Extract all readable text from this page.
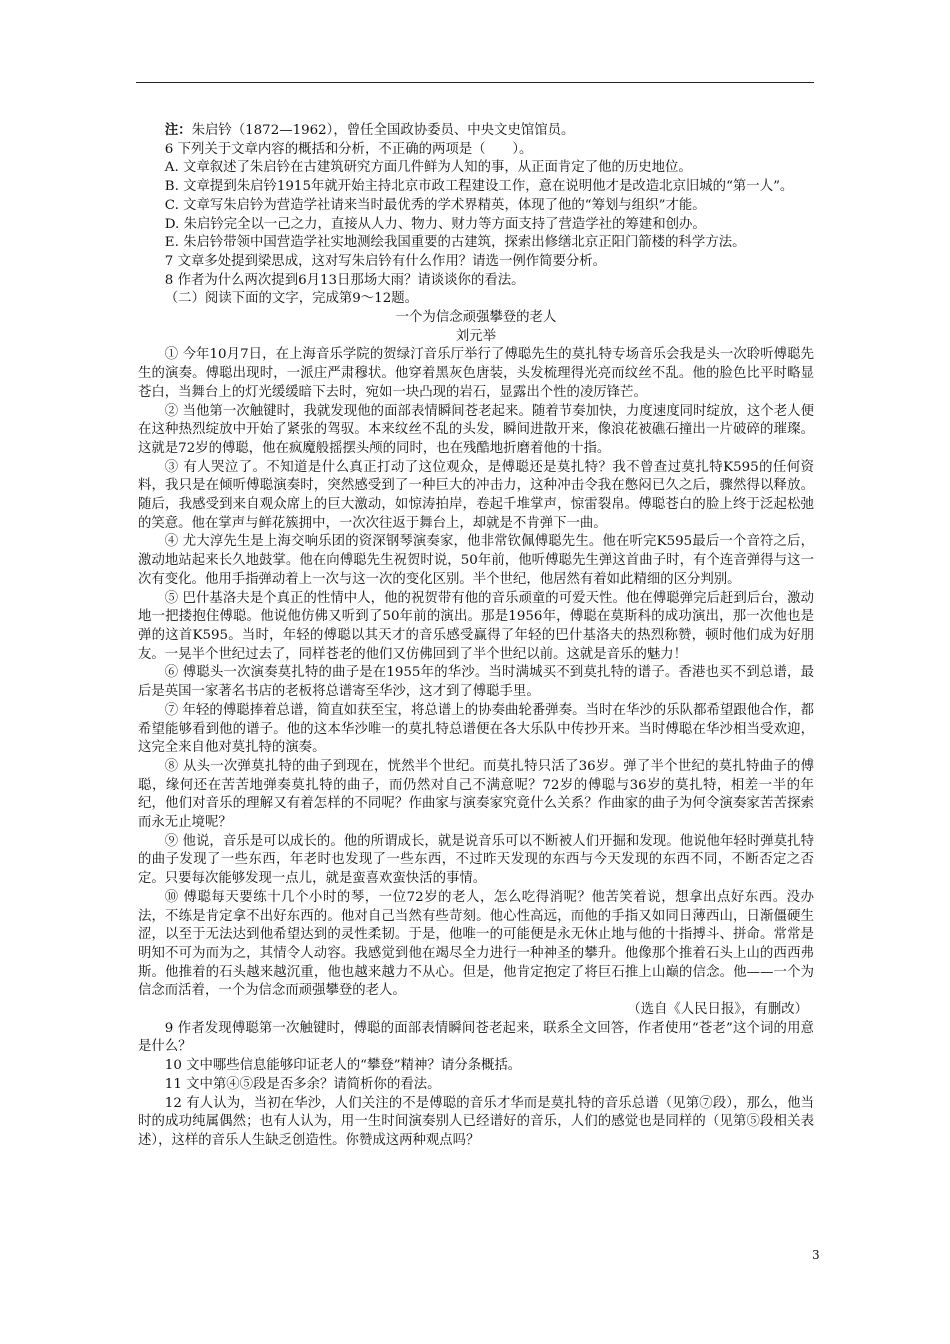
注：朱启钤（1872—1962），曾任全国政协委员、中央文史馆馆员。

6 下列关于文章内容的概括和分析，不正确的两项是（　　）。

A. 文章叙述了朱启钤在古建筑研究方面几件鲜为人知的事，从正面肯定了他的历史地位。

B. 文章提到朱启钤1915年就开始主持北京市政工程建设工作，意在说明他才是改造北京旧城的“第一人”。

C. 文章写朱启钤为营造学社请来当时最优秀的学术界精英，体现了他的“筹划与组织”才能。

D. 朱启钤完全以一己之力，直接从人力、物力、财力等方面支持了营造学社的筹建和创办。

E. 朱启钤带领中国营造学社实地测绘我国重要的古建筑，探索出修缮北京正阳门箭楼的科学方法。

7 文章多处提到梁思成，这对写朱启钤有什么作用？请选一例作简要分析。

8 作者为什么两次提到6月13日那场大雨？请谈谈你的看法。

（二）阅读下面的文字，完成第9～12题。

一个为信念顽强攀登的老人

刘元举

① 今年10月7日，在上海音乐学院的贺绿汀音乐厅举行了傅聪先生的莫扎特专场音乐会我是头一次聆听傅聪先生的演奏。傅聪出现时，一派庄严肃穆状。他穿着黑灰色唐装，头发梳理得光亮而纹丝不乱。他的脸色比平时略显苍白，当舞台上的灯光缓缓暗下去时，宛如一块凸现的岩石，显露出个性的凌厉锋芒。

② 当他第一次触键时，我就发现他的面部表情瞬间苍老起来。随着节奏加快，力度速度同时绽放，这个老人便在这种热烈绽放中开始了紧张的驾驭。本来纹丝不乱的头发，瞬间进散开来，像浪花被礁石撞出一片破碎的璀璨。这就是72岁的傅聪，他在疯魔般摇摆头颅的同时，也在残酷地折磨着他的十指。

③ 有人哭泣了。不知道是什么真正打动了这位观众，是傅聪还是莫扎特？我不曾查过莫扎特K595的任何资料，我只是在倾听傅聪演奏时，突然感受到了一种巨大的冲击力，这种冲击令我在憋闷已久之后，骤然得以释放。随后，我感受到来自观众席上的巨大激动，如惊涛拍岸，卷起千堆掌声，惊雷裂帛。傅聪苍白的脸上终于泛起松弛的笑意。他在掌声与鲜花簇拥中，一次次往返于舞台上，却就是不肯弹下一曲。

④ 尤大淳先生是上海交响乐团的资深钢琴演奏家，他非常钦佩傅聪先生。他在听完K595最后一个音符之后，激动地站起来长久地鼓掌。他在向傅聪先生祝贺时说，50年前，他听傅聪先生弹这首曲子时，有个连音弹得与这一次有变化。他用手指弹动着上一次与这一次的变化区别。半个世纪，他居然有着如此精细的区分判别。

⑤ 巴什基洛夫是个真正的性情中人，他的祝贺带有他的音乐顽童的可爱天性。他在傅聪弹完后赶到后台，激动地一把搂抱住傅聪。他说他仿佛又听到了50年前的演出。那是1956年，傅聪在莫斯科的成功演出，那一次他也是弹的这首K595。当时，年轻的傅聪以其天才的音乐感受赢得了年轻的巴什基洛夫的热烈称赞，顿时他们成为好朋友。一晃半个世纪过去了，同样苍老的他们又仿佛回到了半个世纪以前。这就是音乐的魅力！

⑥ 傅聪头一次演奏莫扎特的曲子是在1955年的华沙。当时满城买不到莫扎特的谱子。香港也买不到总谱，最后是英国一家著名书店的老板将总谱寄至华沙，这才到了傅聪手里。

⑦ 年轻的傅聪捧着总谱，简直如获至宝，将总谱上的协奏曲轮番弹奏。当时在华沙的乐队都希望跟他合作，都希望能够看到他的谱子。他的这本华沙唯一的莫扎特总谱便在各大乐队中传抄开来。当时傅聪在华沙相当受欢迎，这完全来自他对莫扎特的演奏。

⑧ 从头一次弹莫扎特的曲子到现在，恍然半个世纪。而莫扎特只活了36岁。弹了半个世纪的莫扎特曲子的傅聪，缘何还在苦苦地弹奏莫扎特的曲子，而仍然对自己不满意呢？72岁的傅聪与36岁的莫扎特，相差一半的年纪，他们对音乐的理解又有着怎样的不同呢？作曲家与演奏家究竟什么关系？作曲家的曲子为何令演奏家苦苦探索而永无止境呢？

⑨ 他说，音乐是可以成长的。他的所谓成长，就是说音乐可以不断被人们开掘和发现。他说他年轻时弹莫扎特的曲子发现了一些东西，年老时也发现了一些东西，不过昨天发现的东西与今天发现的东西不同，不断否定之否定。只要每次能够发现一点儿，就是蛮喜欢蛮快活的事情。

⑩ 傅聪每天要练十几个小时的琴，一位72岁的老人，怎么吃得消呢？他苦笑着说，想拿出点好东西。没办法，不练是肯定拿不出好东西的。他对自己当然有些苛刻。他心性高远，而他的手指又如同日薄西山，日渐僵硬生涩，以至于无法达到他希望达到的灵性柔韧。于是，他唯一的可能便是永无休止地与他的十指搏斗、拼命。常常是明知不可为而为之，其情令人动容。我感觉到他在竭尽全力进行一种神圣的攀升。他像那个推着石头上山的西西弗斯。他推着的石头越来越沉重，他也越来越力不从心。但是，他肯定抱定了将巨石推上山巅的信念。他——一个为信念而活着，一个为信念而顽强攀登的老人。

（选自《人民日报》，有删改）

9 作者发现傅聪第一次触键时，傅聪的面部表情瞬间苍老起来，联系全文回答，作者使用“苍老”这个词的用意是什么？

10 文中哪些信息能够印证老人的“攀登”精神？请分条概括。

11 文中第④⑤段是否多余？请简析你的看法。

12 有人认为，当初在华沙，人们关注的不是傅聪的音乐才华而是莫扎特的音乐总谱（见第⑦段），那么，他当时的成功纯属偶然；也有人认为，用一生时间演奏别人已经谱好的音乐，人们的感觉也是同样的（见第⑤段相关表述），这样的音乐人生缺乏创造性。你赞成这两种观点吗？

3
